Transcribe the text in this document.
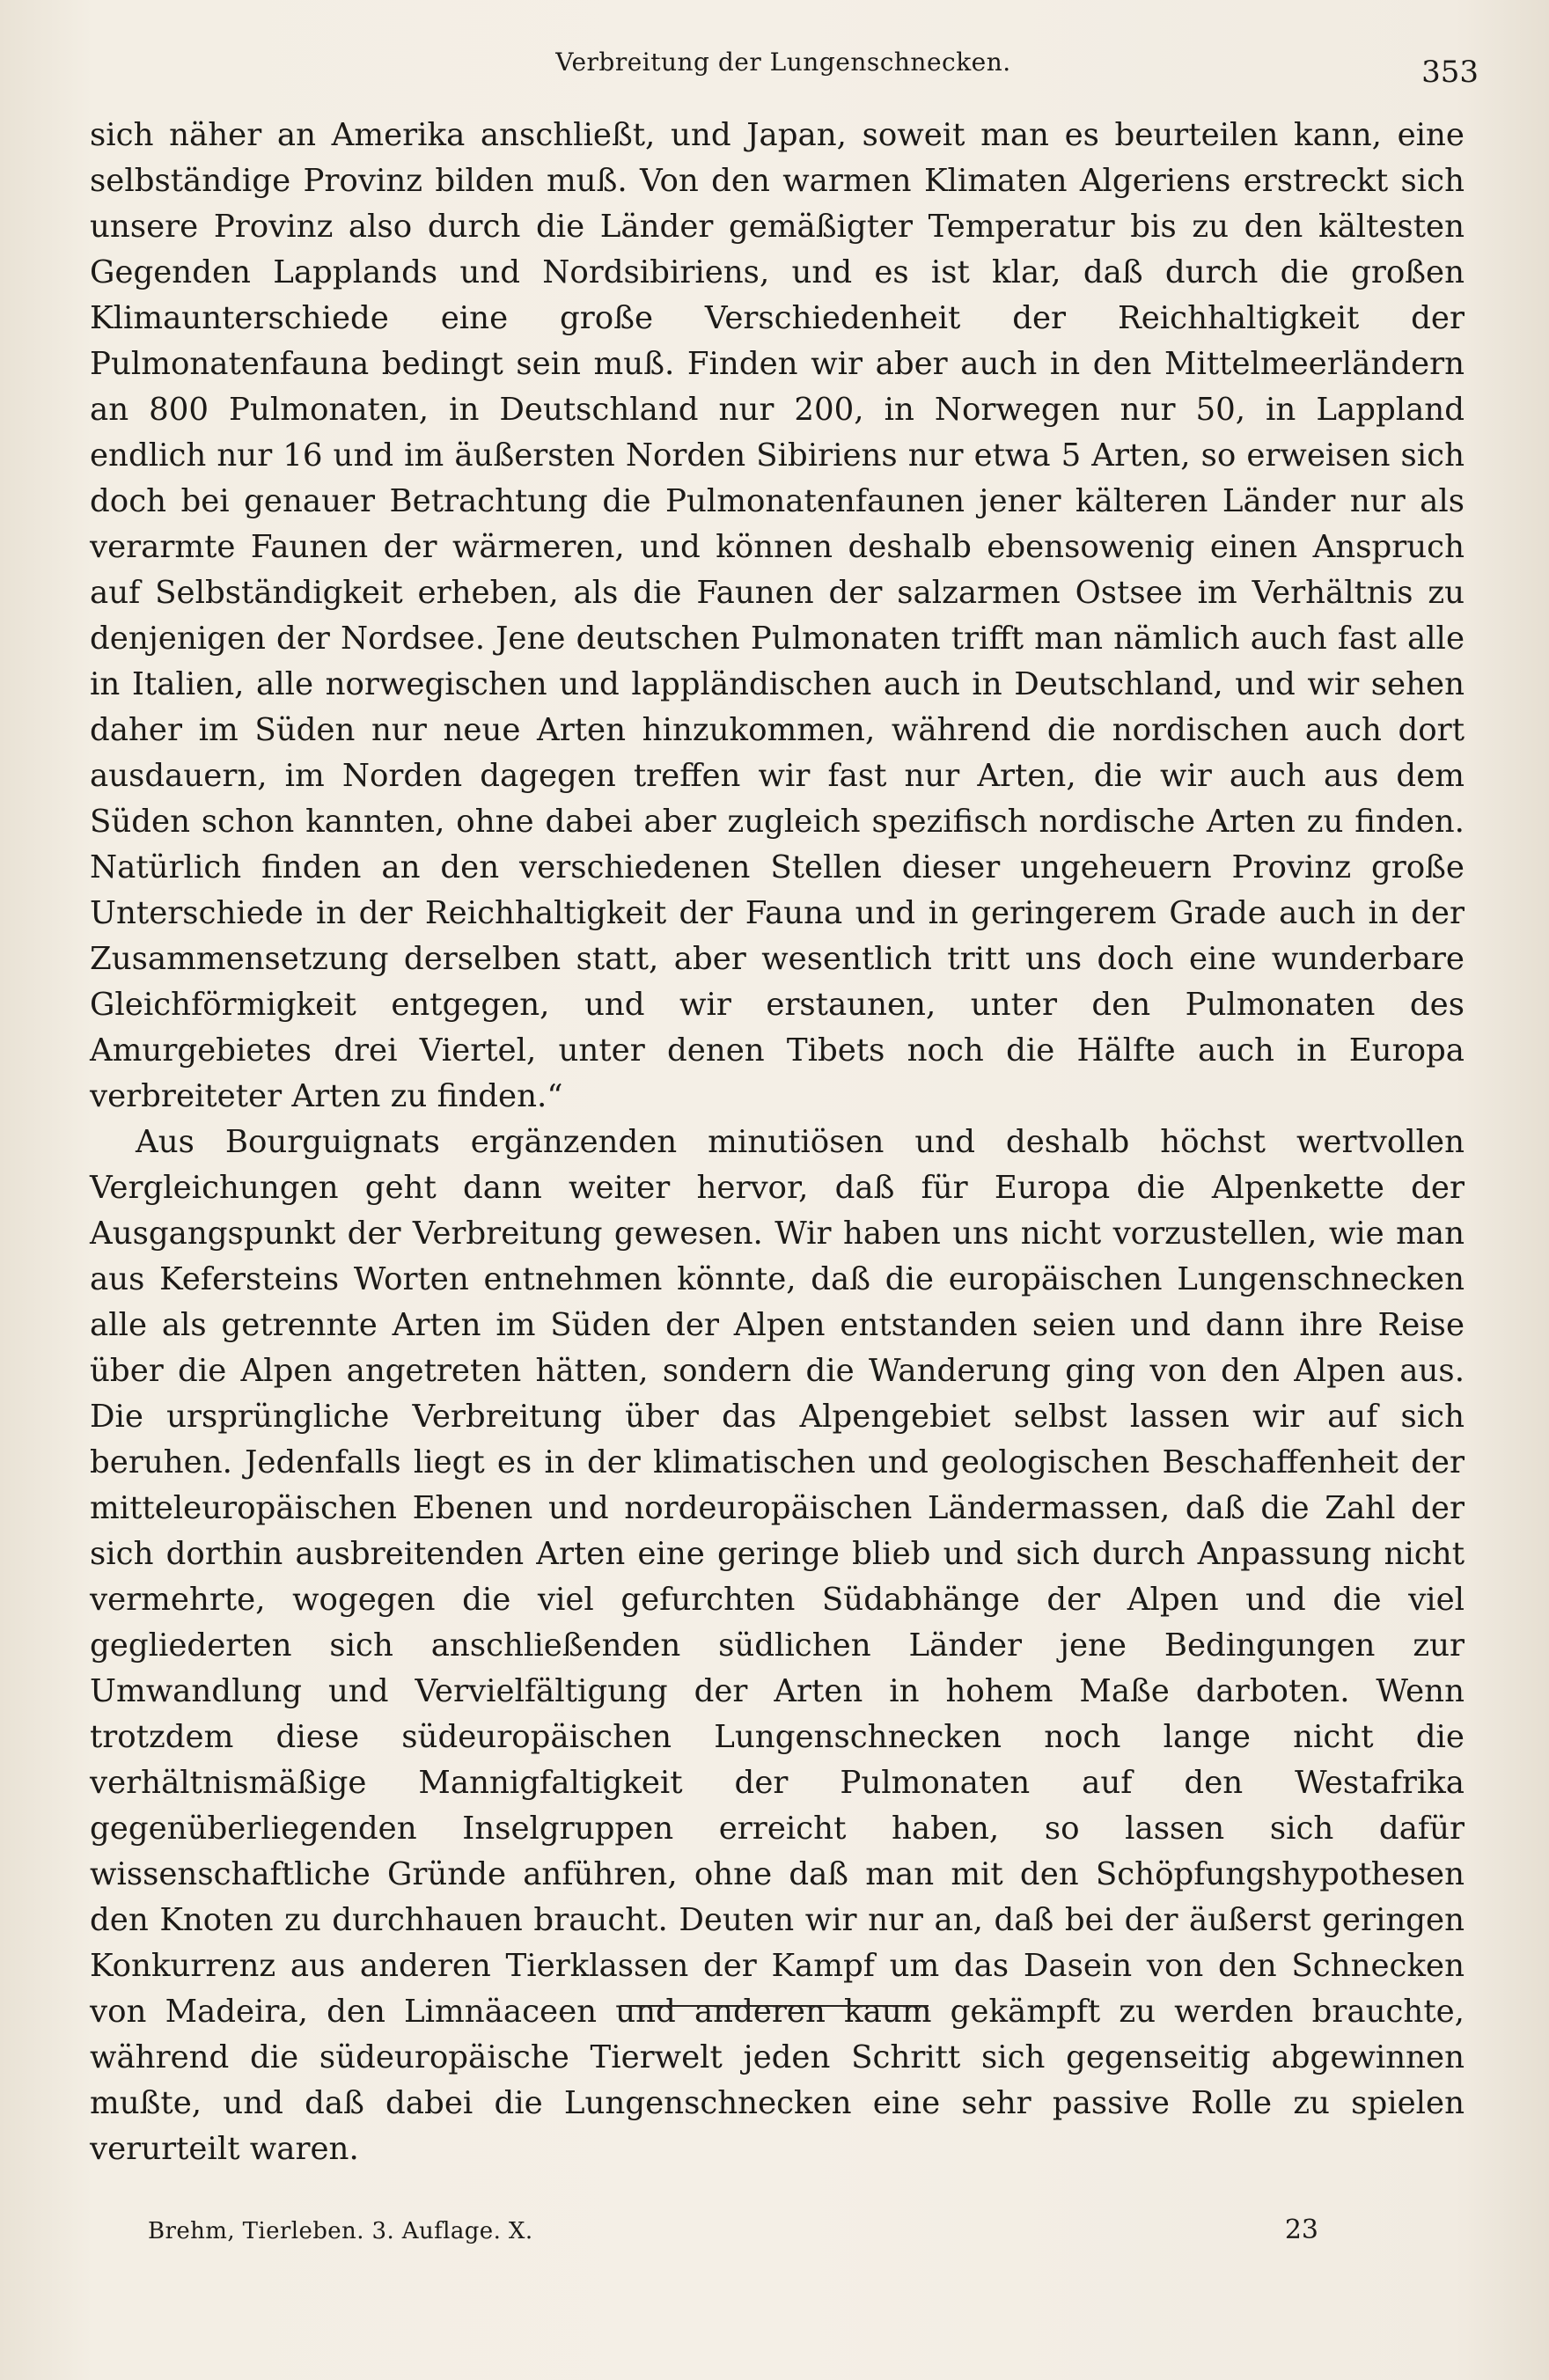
Verbreitung der Lungenschnecken.	353

sich näher an Amerika anschließt, und Japan, soweit man es beurteilen kann, eine selbständige Provinz bilden muß. Von den warmen Klimaten Algeriens erstreckt sich unsere Provinz also durch die Länder gemäßigter Temperatur bis zu den kältesten Gegenden Lapplands und Nordsibiriens, und es ist klar, daß durch die großen Klimaunterschiede eine große Verschiedenheit der Reichhaltigkeit der Pulmonatenfauna bedingt sein muß. Finden wir aber auch in den Mittelmeerländern an 800 Pulmonaten, in Deutschland nur 200, in Norwegen nur 50, in Lappland endlich nur 16 und im äußersten Norden Sibiriens nur etwa 5 Arten, so erweisen sich doch bei genauer Betrachtung die Pulmonatenfaunen jener kälteren Länder nur als verarmte Faunen der wärmeren, und können deshalb ebensowenig einen Anspruch auf Selbständigkeit erheben, als die Faunen der salzarmen Ostsee im Verhältnis zu denjenigen der Nordsee. Jene deutschen Pulmonaten trifft man nämlich auch fast alle in Italien, alle norwegischen und lappländischen auch in Deutschland, und wir sehen daher im Süden nur neue Arten hinzukommen, während die nordischen auch dort ausdauern, im Norden dagegen treffen wir fast nur Arten, die wir auch aus dem Süden schon kannten, ohne dabei aber zugleich spezifisch nordische Arten zu finden. Natürlich finden an den verschiedenen Stellen dieser ungeheuern Provinz große Unterschiede in der Reichhaltigkeit der Fauna und in geringerem Grade auch in der Zusammensetzung derselben statt, aber wesentlich tritt uns doch eine wunderbare Gleichförmigkeit entgegen, und wir erstaunen, unter den Pulmonaten des Amurgebietes drei Viertel, unter denen Tibets noch die Hälfte auch in Europa verbreiteter Arten zu finden.“

Aus Bourguignats ergänzenden minutiösen und deshalb höchst wertvollen Vergleichungen geht dann weiter hervor, daß für Europa die Alpenkette der Ausgangspunkt der Verbreitung gewesen. Wir haben uns nicht vorzustellen, wie man aus Kefersteins Worten entnehmen könnte, daß die europäischen Lungenschnecken alle als getrennte Arten im Süden der Alpen entstanden seien und dann ihre Reise über die Alpen angetreten hätten, sondern die Wanderung ging von den Alpen aus. Die ursprüngliche Verbreitung über das Alpengebiet selbst lassen wir auf sich beruhen. Jedenfalls liegt es in der klimatischen und geologischen Beschaffenheit der mitteleuropäischen Ebenen und nordeuropäischen Ländermassen, daß die Zahl der sich dorthin ausbreitenden Arten eine geringe blieb und sich durch Anpassung nicht vermehrte, wogegen die viel gefurchten Südabhänge der Alpen und die viel gegliederten sich anschließenden südlichen Länder jene Bedingungen zur Umwandlung und Vervielfältigung der Arten in hohem Maße darboten. Wenn trotzdem diese südeuropäischen Lungenschnecken noch lange nicht die verhältnismäßige Mannigfaltigkeit der Pulmonaten auf den Westafrika gegenüberliegenden Inselgruppen erreicht haben, so lassen sich dafür wissenschaftliche Gründe anführen, ohne daß man mit den Schöpfungshypothesen den Knoten zu durchhauen braucht. Deuten wir nur an, daß bei der äußerst geringen Konkurrenz aus anderen Tierklassen der Kampf um das Dasein von den Schnecken von Madeira, den Limnäaceen und anderen kaum gekämpft zu werden brauchte, während die südeuropäische Tierwelt jeden Schritt sich gegenseitig abgewinnen mußte, und daß dabei die Lungenschnecken eine sehr passive Rolle zu spielen verurteilt waren.

Brehm, Tierleben. 3. Auflage. X.	23
